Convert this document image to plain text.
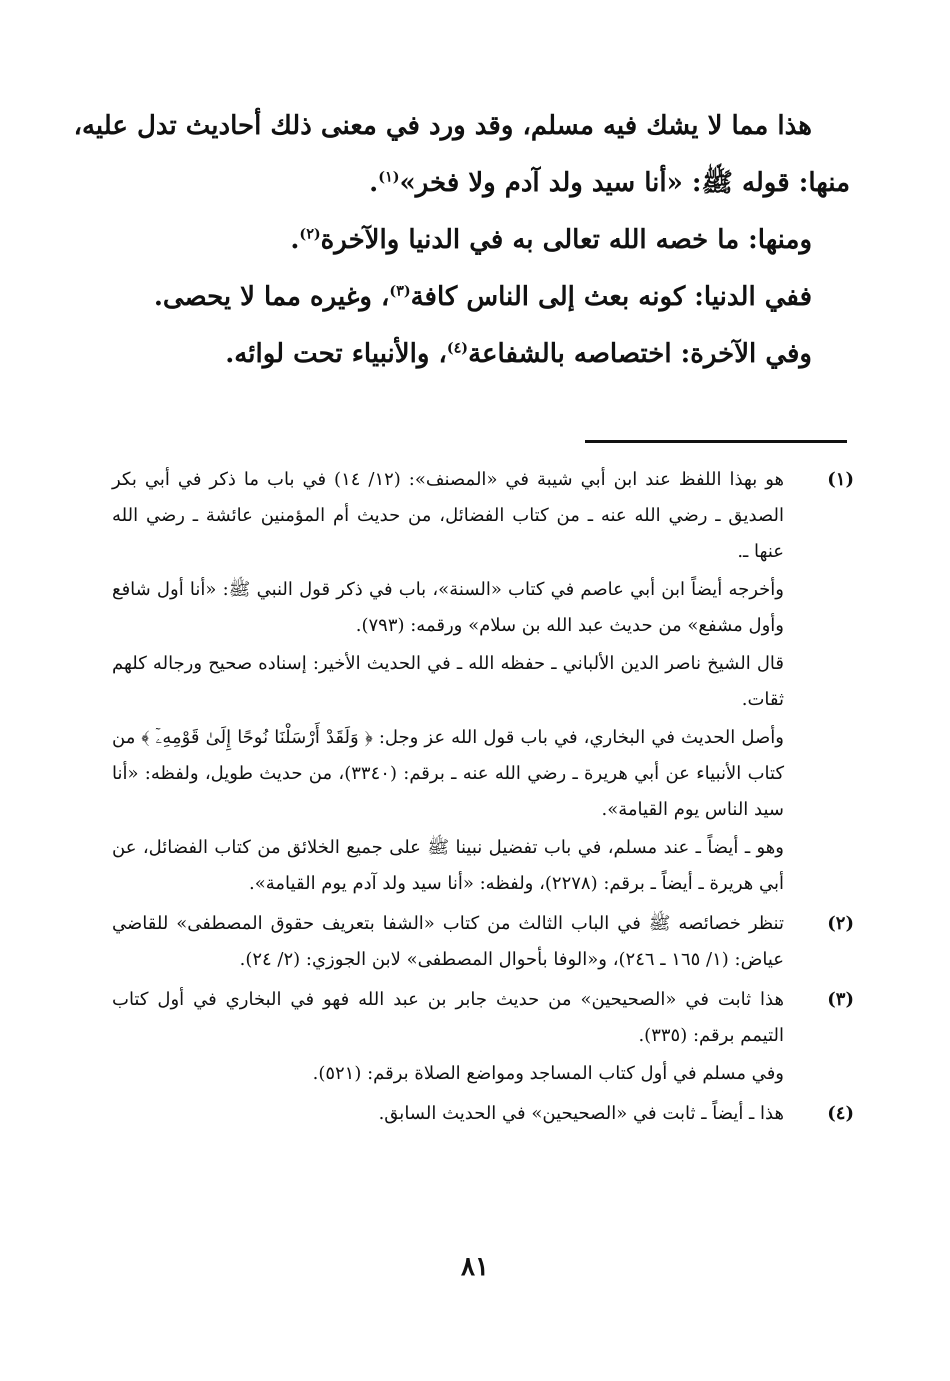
هذا مما لا يشك فيه مسلم، وقد ورد في معنى ذلك أحاديث تدل عليه،

منها: قوله ﷺ: «أنا سيد ولد آدم ولا فخر»$^{(١)}$.

ومنها: ما خصه الله تعالى به في الدنيا والآخرة$^{(٢)}$.

ففي الدنيا: كونه بعث إلى الناس كافة$^{(٣)}$، وغيره مما لا يحصى.

وفي الآخرة: اختصاصه بالشفاعة$^{(٤)}$، والأنبياء تحت لوائه.

(١)

هو بهذا اللفظ عند ابن أبي شيبة في «المصنف»: (١٢/ ١٤) في باب ما ذكر في أبي بكر الصديق ـ رضي الله عنه ـ من كتاب الفضائل، من حديث أم المؤمنين عائشة ـ رضي الله عنها ـ.

وأخرجه أيضاً ابن أبي عاصم في كتاب «السنة»، باب في ذكر قول النبي ﷺ: «أنا أول شافع وأول مشفع» من حديث عبد الله بن سلام» ورقمه: (٧٩٣).

قال الشيخ ناصر الدين الألباني ـ حفظه الله ـ في الحديث الأخير: إسناده صحيح ورجاله كلهم ثقات.

وأصل الحديث في البخاري، في باب قول الله عز وجل: ﴿ وَلَقَدْ أَرْسَلْنَا نُوحًا إِلَىٰ قَوْمِهِۦٓ ﴾ من كتاب الأنبياء عن أبي هريرة ـ رضي الله عنه ـ برقم: (٣٣٤٠)، من حديث طويل، ولفظه: «أنا سيد الناس يوم القيامة».

وهو ـ أيضاً ـ عند مسلم، في باب تفضيل نبينا ﷺ على جميع الخلائق من كتاب الفضائل، عن أبي هريرة ـ أيضاً ـ برقم: (٢٢٧٨)، ولفظه: «أنا سيد ولد آدم يوم القيامة».

(٢)

تنظر خصائصه ﷺ في الباب الثالث من كتاب «الشفا بتعريف حقوق المصطفى» للقاضي عياض: (١/ ١٦٥ ـ ٢٤٦)، و«الوفا بأحوال المصطفى» لابن الجوزي: (٢/ ٢٤).

(٣)

هذا ثابت في «الصحيحين» من حديث جابر بن عبد الله فهو في البخاري في أول كتاب التيمم برقم: (٣٣٥).

وفي مسلم في أول كتاب المساجد ومواضع الصلاة برقم: (٥٢١).

(٤)

هذا ـ أيضاً ـ ثابت في «الصحيحين» في الحديث السابق.

٨١
